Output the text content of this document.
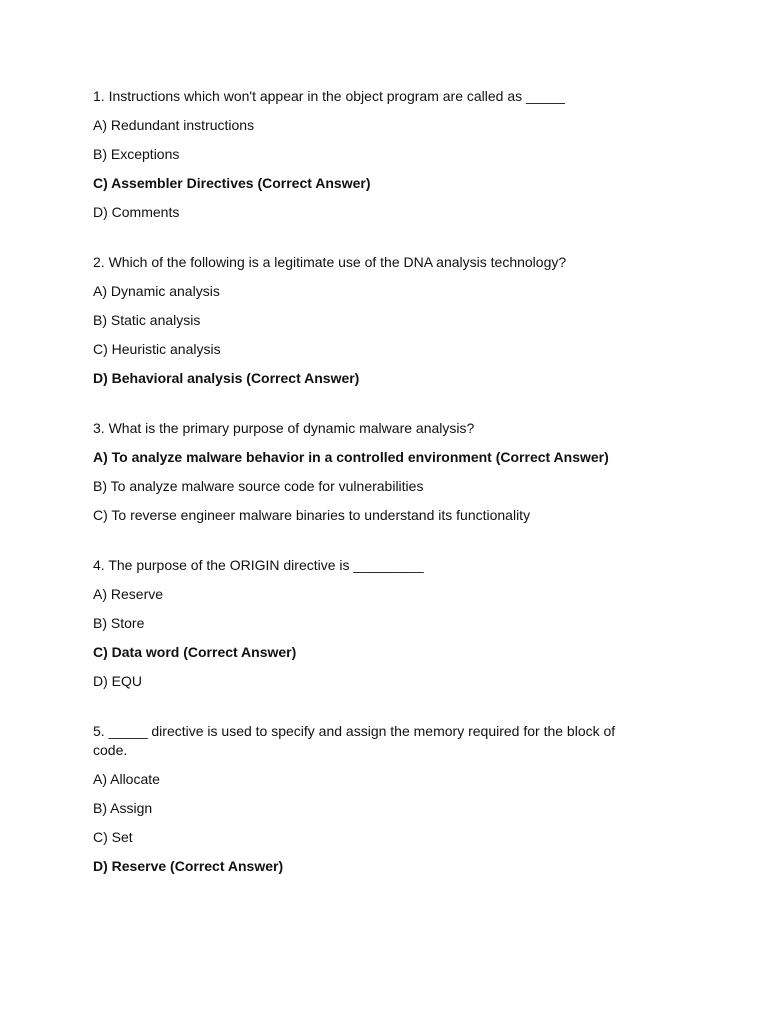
1. Instructions which won't appear in the object program are called as _____
A) Redundant instructions
B) Exceptions
C) Assembler Directives (Correct Answer)
D) Comments
2. Which of the following is a legitimate use of the DNA analysis technology?
A) Dynamic analysis
B) Static analysis
C) Heuristic analysis
D) Behavioral analysis (Correct Answer)
3. What is the primary purpose of dynamic malware analysis?
A) To analyze malware behavior in a controlled environment (Correct Answer)
B) To analyze malware source code for vulnerabilities
C) To reverse engineer malware binaries to understand its functionality
4. The purpose of the ORIGIN directive is _________
A) Reserve
B) Store
C) Data word (Correct Answer)
D) EQU
5. _____ directive is used to specify and assign the memory required for the block of code.
A) Allocate
B) Assign
C) Set
D) Reserve (Correct Answer)
